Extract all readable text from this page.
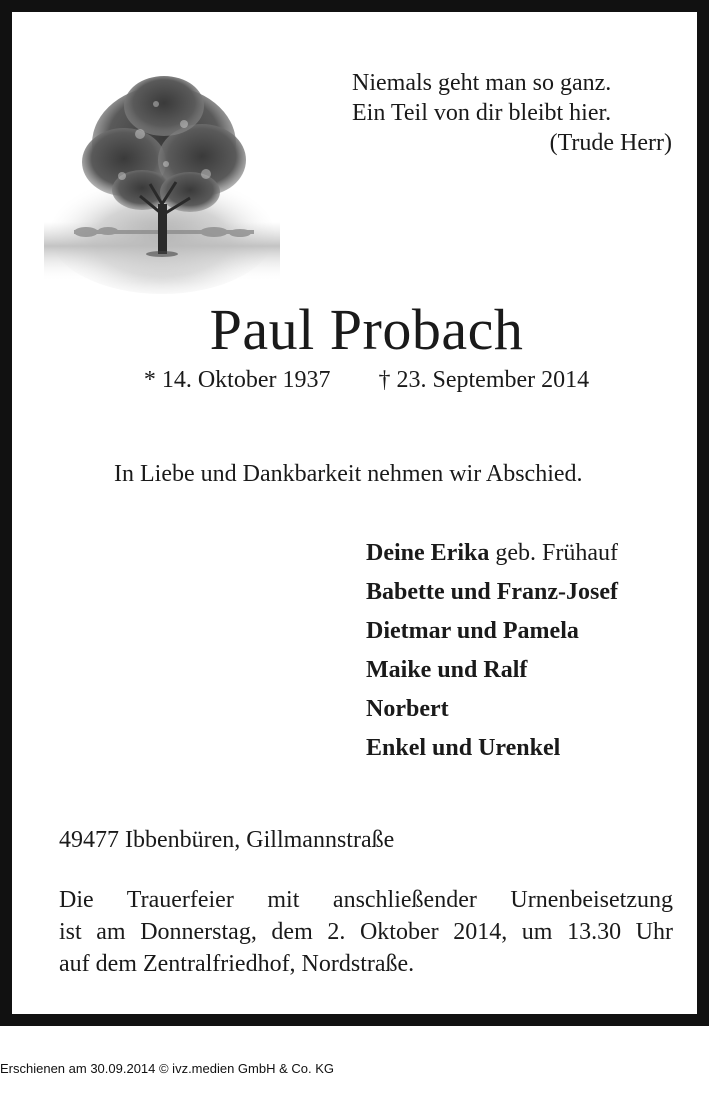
Niemals geht man so ganz.
Ein Teil von dir bleibt hier.
(Trude Herr)
Paul Probach
* 14. Oktober 1937 † 23. September 2014
In Liebe und Dankbarkeit nehmen wir Abschied.
Deine Erika geb. Frühauf
Babette und Franz-Josef
Dietmar und Pamela
Maike und Ralf
Norbert
Enkel und Urenkel
49477 Ibbenbüren, Gillmannstraße
Die Trauerfeier mit anschließender Urnenbeisetzung
ist am Donnerstag, dem 2. Oktober 2014, um 13.30 Uhr
auf dem Zentralfriedhof, Nordstraße.
Erschienen am 30.09.2014 © ivz.medien GmbH & Co. KG
